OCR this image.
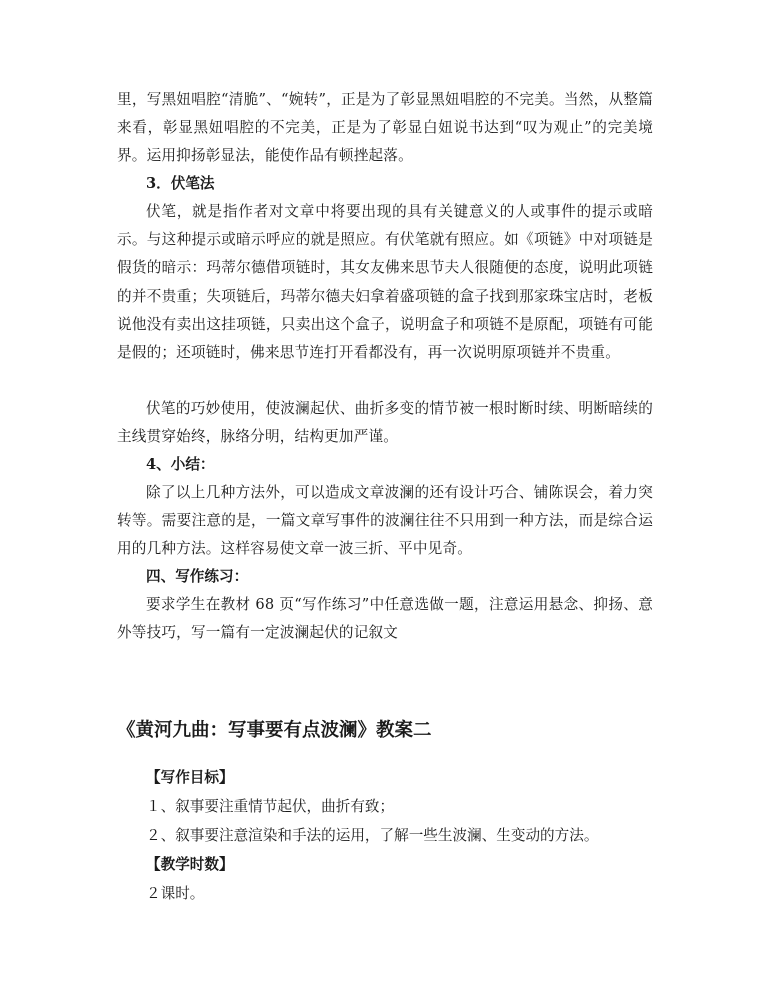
里，写黑妞唱腔“清脆”、“婉转”，正是为了彰显黑妞唱腔的不完美。当然，从整篇来看，彰显黑妞唱腔的不完美，正是为了彰显白妞说书达到“叹为观止”的完美境界。运用抑扬彰显法，能使作品有顿挫起落。

3．伏笔法

伏笔，就是指作者对文章中将要出现的具有关键意义的人或事件的提示或暗示。与这种提示或暗示呼应的就是照应。有伏笔就有照应。如《项链》中对项链是假货的暗示：玛蒂尔德借项链时，其女友佛来思节夫人很随便的态度，说明此项链的并不贵重；失项链后，玛蒂尔德夫妇拿着盛项链的盒子找到那家珠宝店时，老板说他没有卖出这挂项链，只卖出这个盒子，说明盒子和项链不是原配，项链有可能是假的；还项链时，佛来思节连打开看都没有，再一次说明原项链并不贵重。

伏笔的巧妙使用，使波澜起伏、曲折多变的情节被一根时断时续、明断暗续的主线贯穿始终，脉络分明，结构更加严谨。

4、小结：

除了以上几种方法外，可以造成文章波澜的还有设计巧合、铺陈误会，着力突转等。需要注意的是，一篇文章写事件的波澜往往不只用到一种方法，而是综合运用的几种方法。这样容易使文章一波三折、平中见奇。

四、写作练习：

要求学生在教材 68 页“写作练习”中任意选做一题，注意运用悬念、抑扬、意外等技巧，写一篇有一定波澜起伏的记叙文

《黄河九曲：写事要有点波澜》教案二

【写作目标】

１、叙事要注重情节起伏，曲折有致；

２、叙事要注意渲染和手法的运用，了解一些生波澜、生变动的方法。

【教学时数】

２课时。
